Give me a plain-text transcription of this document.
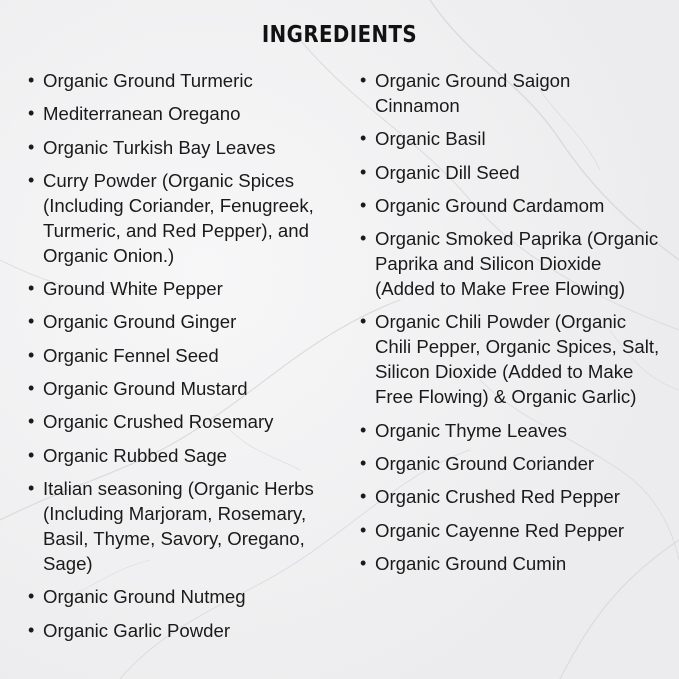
INGREDIENTS
• Organic Ground Turmeric
• Mediterranean Oregano
• Organic Turkish Bay Leaves
• Curry Powder (Organic Spices (Including Coriander, Fenugreek, Turmeric, and Red Pepper), and Organic Onion.)
• Ground White Pepper
• Organic Ground Ginger
• Organic Fennel Seed
• Organic Ground Mustard
• Organic Crushed Rosemary
• Organic Rubbed Sage
• Italian seasoning (Organic Herbs (Including Marjoram, Rosemary, Basil, Thyme, Savory, Oregano, Sage)
• Organic Ground Nutmeg
• Organic Garlic Powder
• Organic Ground Saigon Cinnamon
• Organic Basil
• Organic Dill Seed
• Organic Ground Cardamom
• Organic Smoked Paprika (Organic Paprika and Silicon Dioxide (Added to Make Free Flowing)
• Organic Chili Powder (Organic Chili Pepper, Organic Spices, Salt, Silicon Dioxide (Added to Make Free Flowing) & Organic Garlic)
• Organic Thyme Leaves
• Organic Ground Coriander
• Organic Crushed Red Pepper
• Organic Cayenne Red Pepper
• Organic Ground Cumin
